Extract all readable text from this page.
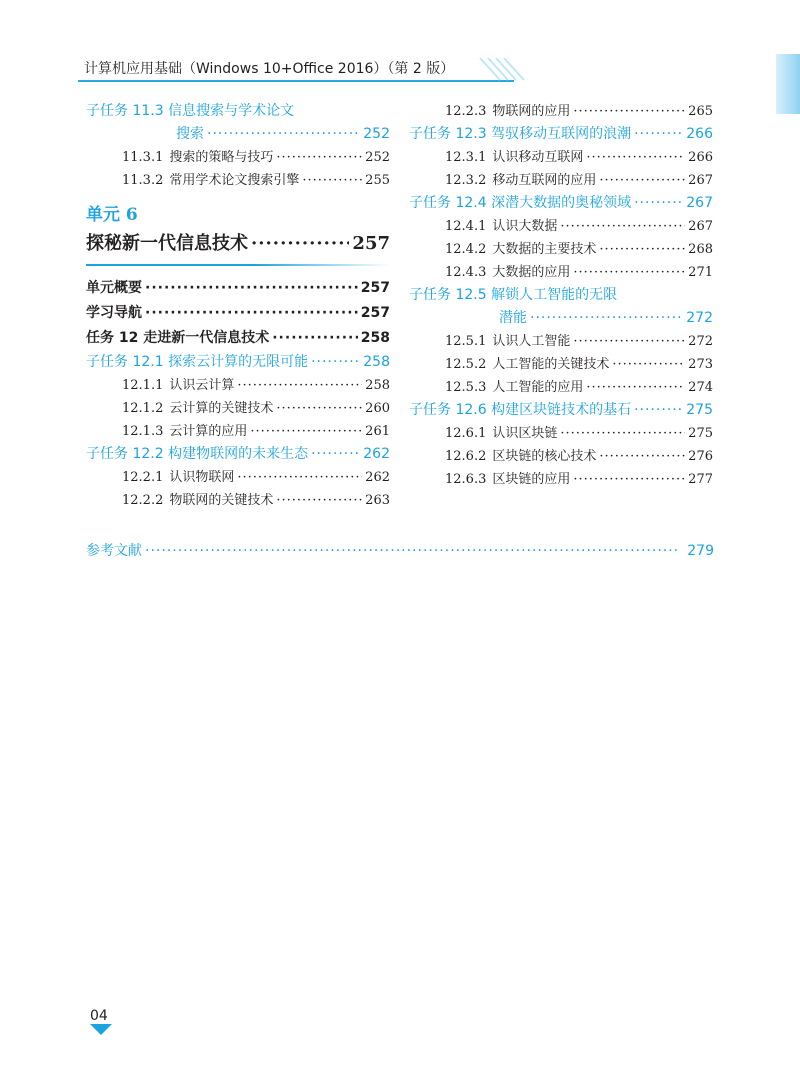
计算机应用基础（Windows 10+Office 2016）（第 2 版）
子任务 11.3 信息搜索与学术论文
搜索 ·····	252
11.3.1 搜索的策略与技巧 ·····	252
11.3.2 常用学术论文搜索引擎 ·····	255
单元 6
探秘新一代信息技术 ·····	257
单元概要 ·····	257
学习导航 ·····	257
任务 12 走进新一代信息技术 ·····	258
子任务 12.1 探索云计算的无限可能 ·····	258
12.1.1 认识云计算 ·····	258
12.1.2 云计算的关键技术 ·····	260
12.1.3 云计算的应用 ·····	261
子任务 12.2 构建物联网的未来生态 ·····	262
12.2.1 认识物联网 ·····	262
12.2.2 物联网的关键技术 ·····	263
12.2.3 物联网的应用 ·····	265
子任务 12.3 驾驭移动互联网的浪潮 ·····	266
12.3.1 认识移动互联网 ·····	266
12.3.2 移动互联网的应用 ·····	267
子任务 12.4 深潜大数据的奥秘领域 ·····	267
12.4.1 认识大数据 ·····	267
12.4.2 大数据的主要技术 ·····	268
12.4.3 大数据的应用 ·····	271
子任务 12.5 解锁人工智能的无限
潜能 ·····	272
12.5.1 认识人工智能 ·····	272
12.5.2 人工智能的关键技术 ·····	273
12.5.3 人工智能的应用 ·····	274
子任务 12.6 构建区块链技术的基石 ·····	275
12.6.1 认识区块链 ·····	275
12.6.2 区块链的核心技术 ·····	276
12.6.3 区块链的应用 ·····	277
参考文献 ·····	279
04
